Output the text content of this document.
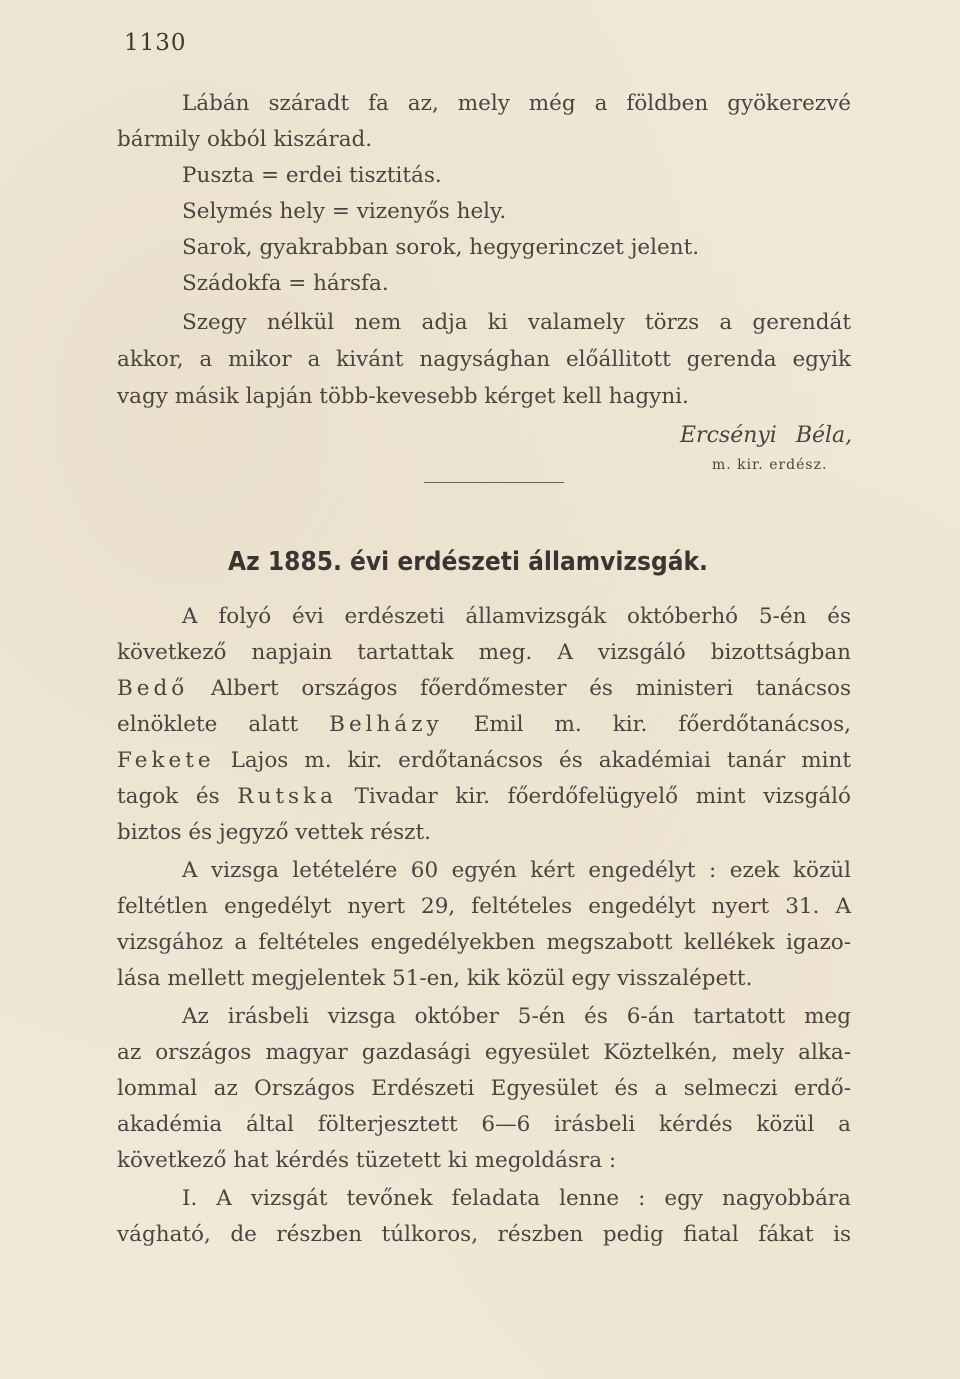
1130
Lábán száradt fa az, mely még a földben gyökerezvé
bármily okból kiszárad.
Puszta = erdei tisztitás.
Selymés hely = vizenyős hely.
Sarok, gyakrabban sorok, hegygerinczet jelent.
Szádokfa = hársfa.
Szegy nélkül nem adja ki valamely törzs a gerendát
akkor, a mikor a kivánt nagysághan előállitott gerenda egyik
vagy másik lapján több-kevesebb kérget kell hagyni.
Ercsényi Béla,
m. kir. erdész.
Az 1885. évi erdészeti államvizsgák.
A folyó évi erdészeti államvizsgák októberhó 5-én és
következő napjain tartattak meg. A vizsgáló bizottságban
Bedő Albert országos főerdőmester és ministeri tanácsos
elnöklete alatt Belházy Emil m. kir. főerdőtanácsos,
Fekete Lajos m. kir. erdőtanácsos és akadémiai tanár mint
tagok és Rutska Tivadar kir. főerdőfelügyelő mint vizsgáló
biztos és jegyző vettek részt.
A vizsga letételére 60 egyén kért engedélyt : ezek közül
feltétlen engedélyt nyert 29, feltételes engedélyt nyert 31. A
vizsgához a feltételes engedélyekben megszabott kellékek igazo-
lása mellett megjelentek 51-en, kik közül egy visszalépett.
Az irásbeli vizsga október 5-én és 6-án tartatott meg
az országos magyar gazdasági egyesület Köztelkén, mely alka-
lommal az Országos Erdészeti Egyesület és a selmeczi erdő-
akadémia által fölterjesztett 6—6 irásbeli kérdés közül a
következő hat kérdés tüzetett ki megoldásra :
I. A vizsgát tevőnek feladata lenne : egy nagyobbára
vágható, de részben túlkoros, részben pedig fiatal fákat is
